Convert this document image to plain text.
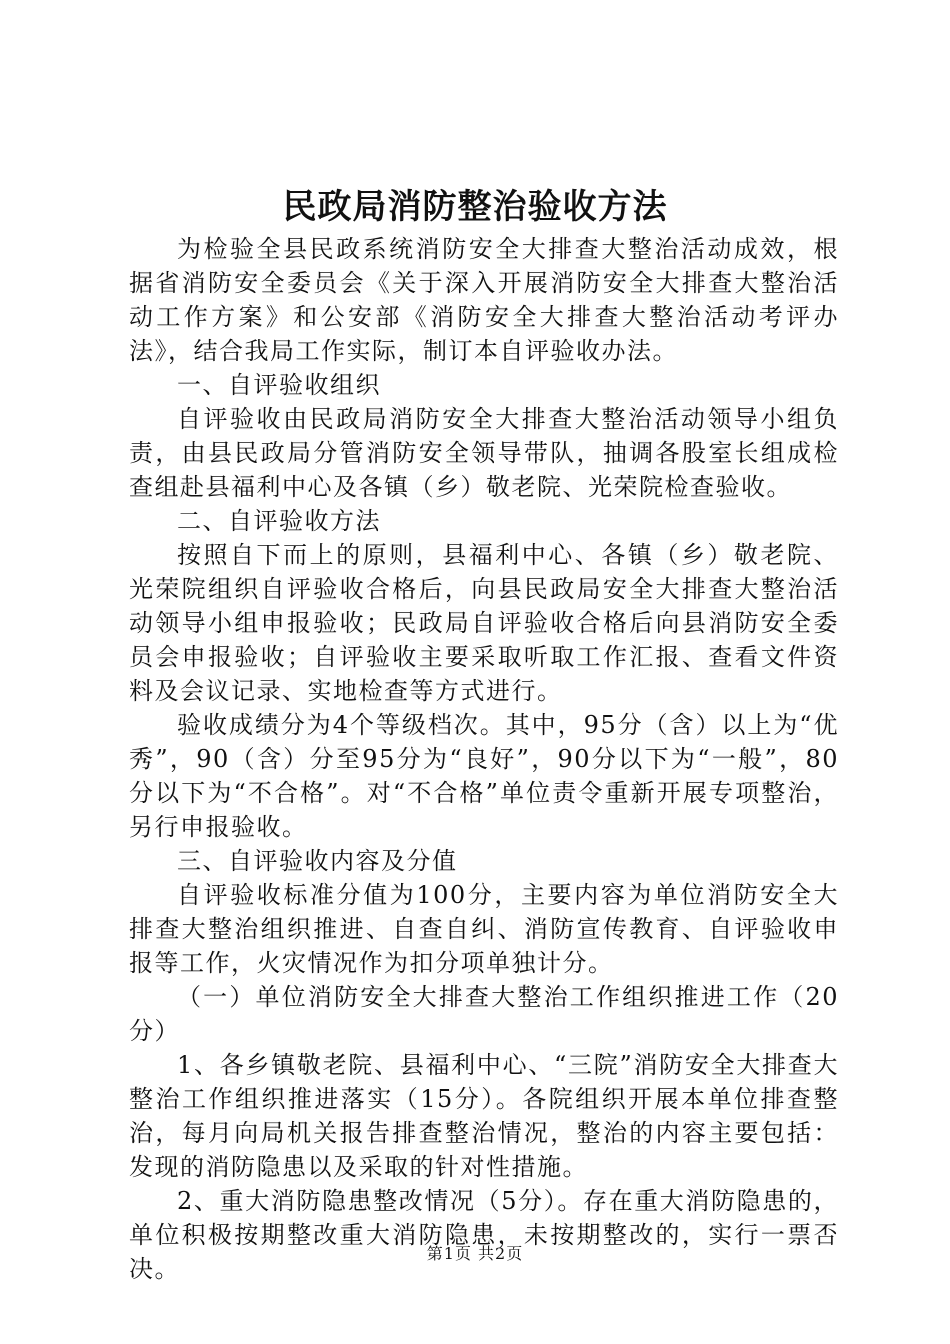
民政局消防整治验收方法

为检验全县民政系统消防安全大排查大整治活动成效，根据省消防安全委员会《关于深入开展消防安全大排查大整治活动工作方案》和公安部《消防安全大排查大整治活动考评办法》，结合我局工作实际，制订本自评验收办法。

一、自评验收组织

自评验收由民政局消防安全大排查大整治活动领导小组负责，由县民政局分管消防安全领导带队，抽调各股室长组成检查组赴县福利中心及各镇（乡）敬老院、光荣院检查验收。

二、自评验收方法

按照自下而上的原则，县福利中心、各镇（乡）敬老院、光荣院组织自评验收合格后，向县民政局安全大排查大整治活动领导小组申报验收；民政局自评验收合格后向县消防安全委员会申报验收；自评验收主要采取听取工作汇报、查看文件资料及会议记录、实地检查等方式进行。

验收成绩分为4个等级档次。其中，95分（含）以上为“优秀”，90（含）分至95分为“良好”，90分以下为“一般”，80分以下为“不合格”。对“不合格”单位责令重新开展专项整治，另行申报验收。

三、自评验收内容及分值

自评验收标准分值为100分，主要内容为单位消防安全大排查大整治组织推进、自查自纠、消防宣传教育、自评验收申报等工作，火灾情况作为扣分项单独计分。

（一）单位消防安全大排查大整治工作组织推进工作（20分）

1、各乡镇敬老院、县福利中心、“三院”消防安全大排查大整治工作组织推进落实（15分）。各院组织开展本单位排查整治，每月向局机关报告排查整治情况，整治的内容主要包括：发现的消防隐患以及采取的针对性措施。

2、重大消防隐患整改情况（5分）。存在重大消防隐患的，单位积极按期整改重大消防隐患，未按期整改的，实行一票否决。

第1页 共2页
